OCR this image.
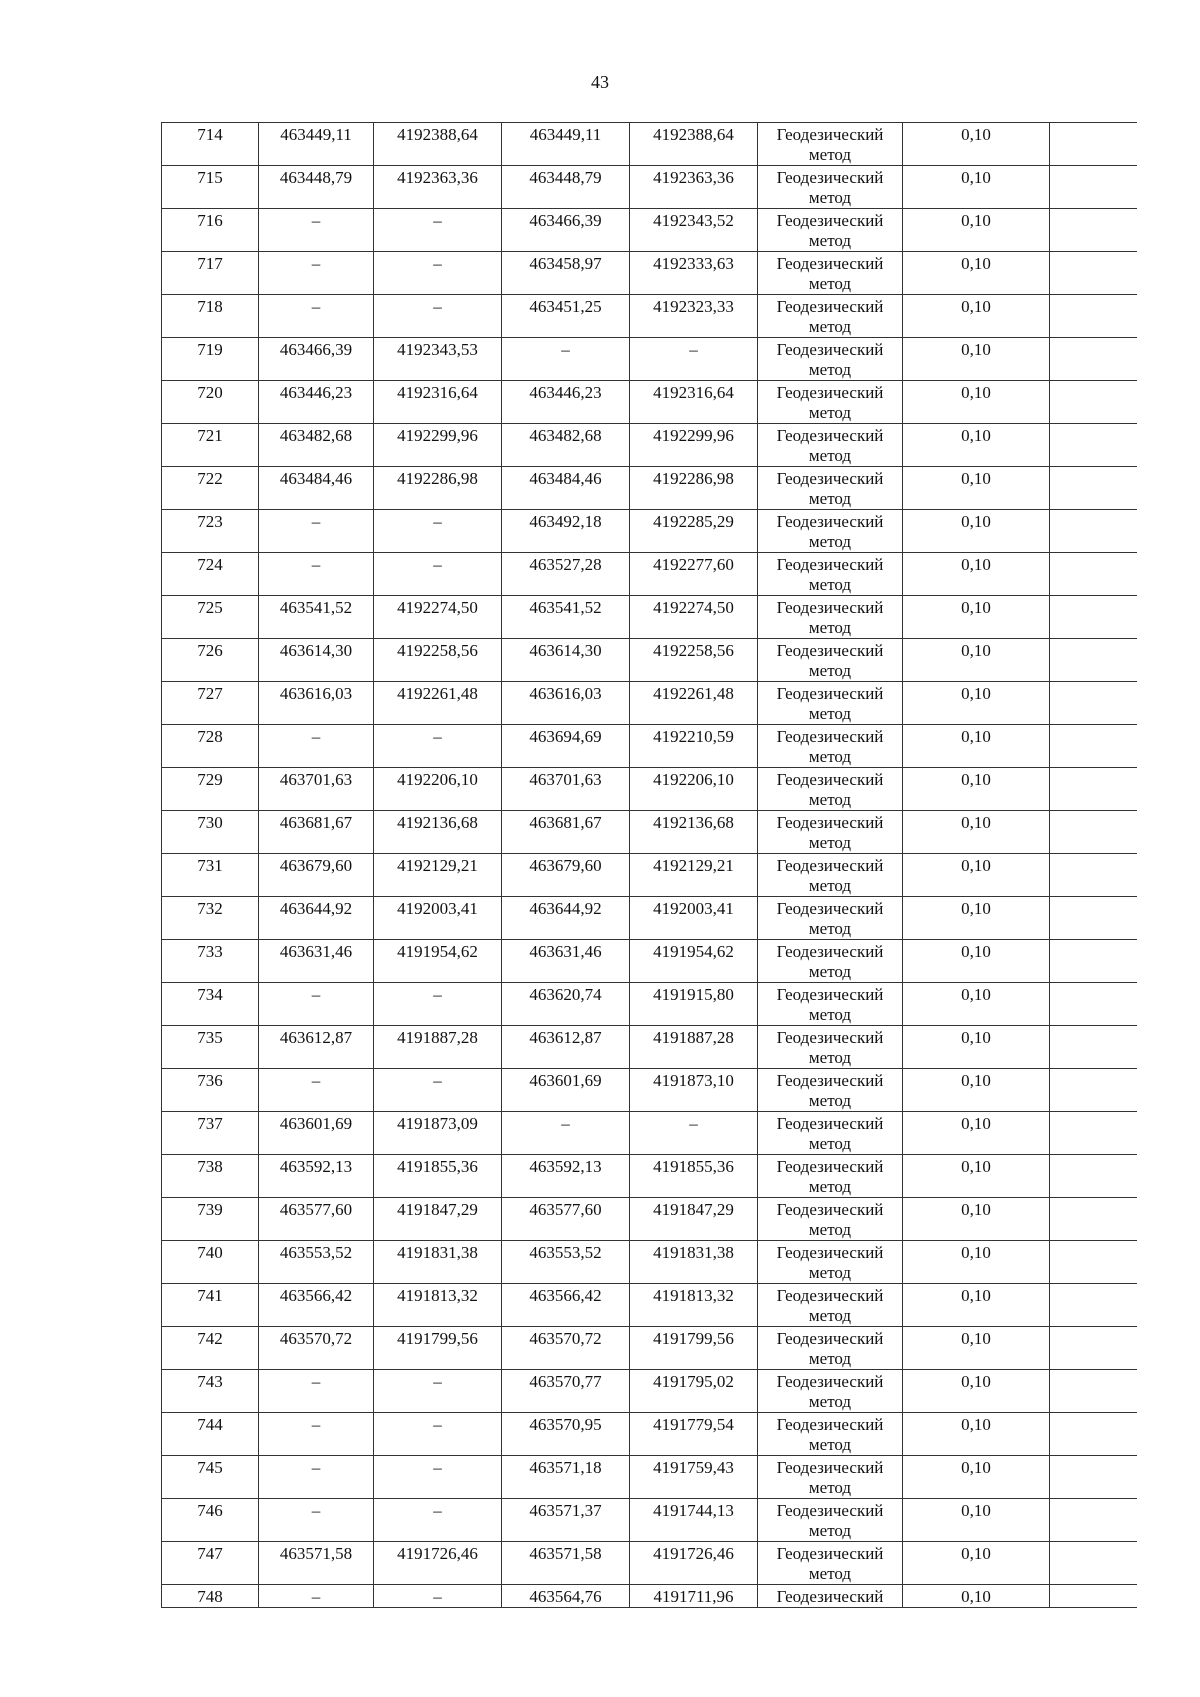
43
714	463449,11	4192388,64	463449,11	4192388,64	Геодезический метод	0,10	

715	463448,79	4192363,36	463448,79	4192363,36	Геодезический метод	0,10	

716	–	–	463466,39	4192343,52	Геодезический метод	0,10	

717	–	–	463458,97	4192333,63	Геодезический метод	0,10	

718	–	–	463451,25	4192323,33	Геодезический метод	0,10	

719	463466,39	4192343,53	–	–	Геодезический метод	0,10	

720	463446,23	4192316,64	463446,23	4192316,64	Геодезический метод	0,10	

721	463482,68	4192299,96	463482,68	4192299,96	Геодезический метод	0,10	

722	463484,46	4192286,98	463484,46	4192286,98	Геодезический метод	0,10	

723	–	–	463492,18	4192285,29	Геодезический метод	0,10	

724	–	–	463527,28	4192277,60	Геодезический метод	0,10	

725	463541,52	4192274,50	463541,52	4192274,50	Геодезический метод	0,10	

726	463614,30	4192258,56	463614,30	4192258,56	Геодезический метод	0,10	

727	463616,03	4192261,48	463616,03	4192261,48	Геодезический метод	0,10	

728	–	–	463694,69	4192210,59	Геодезический метод	0,10	

729	463701,63	4192206,10	463701,63	4192206,10	Геодезический метод	0,10	

730	463681,67	4192136,68	463681,67	4192136,68	Геодезический метод	0,10	

731	463679,60	4192129,21	463679,60	4192129,21	Геодезический метод	0,10	

732	463644,92	4192003,41	463644,92	4192003,41	Геодезический метод	0,10	

733	463631,46	4191954,62	463631,46	4191954,62	Геодезический метод	0,10	

734	–	–	463620,74	4191915,80	Геодезический метод	0,10	

735	463612,87	4191887,28	463612,87	4191887,28	Геодезический метод	0,10	

736	–	–	463601,69	4191873,10	Геодезический метод	0,10	

737	463601,69	4191873,09	–	–	Геодезический метод	0,10	

738	463592,13	4191855,36	463592,13	4191855,36	Геодезический метод	0,10	

739	463577,60	4191847,29	463577,60	4191847,29	Геодезический метод	0,10	

740	463553,52	4191831,38	463553,52	4191831,38	Геодезический метод	0,10	

741	463566,42	4191813,32	463566,42	4191813,32	Геодезический метод	0,10	

742	463570,72	4191799,56	463570,72	4191799,56	Геодезический метод	0,10	

743	–	–	463570,77	4191795,02	Геодезический метод	0,10	

744	–	–	463570,95	4191779,54	Геодезический метод	0,10	

745	–	–	463571,18	4191759,43	Геодезический метод	0,10	

746	–	–	463571,37	4191744,13	Геодезический метод	0,10	

747	463571,58	4191726,46	463571,58	4191726,46	Геодезический метод	0,10	

748	–	–	463564,76	4191711,96	Геодезический	0,10	
